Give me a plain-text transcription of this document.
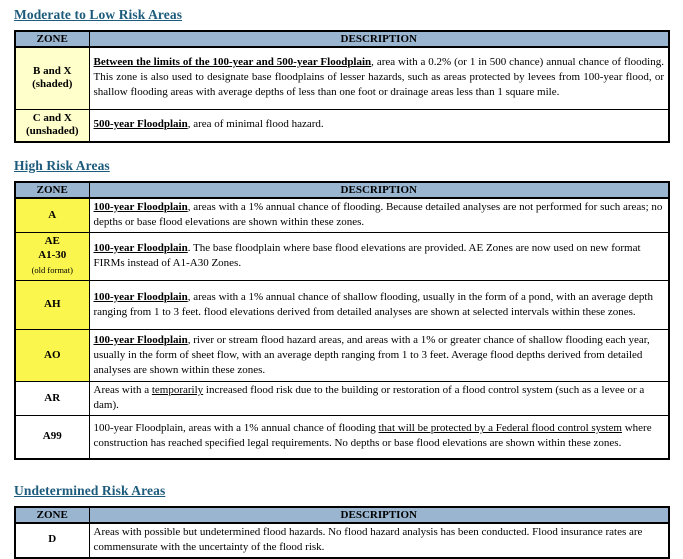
Moderate to Low Risk Areas
ZONE	DESCRIPTION

B and X
(shaded)	Between the limits of the 100-year and 500-year Floodplain, area with a 0.2% (or 1 in 500 chance) annual chance of flooding. This zone is also used to designate base floodplains of lesser hazards, such as areas protected by levees from 100-year flood, or shallow flooding areas with average depths of less than one foot or drainage areas less than 1 square mile.

C and X
(unshaded)	500-year Floodplain, area of minimal flood hazard.
High Risk Areas
ZONE	DESCRIPTION

A	100-year Floodplain, areas with a 1% annual chance of flooding. Because detailed analyses are not performed for such areas; no depths or base flood elevations are shown within these zones.

AE
A1-30
(old format)	100-year Floodplain. The base floodplain where base flood elevations are provided. AE Zones are now used on new format FIRMs instead of A1-A30 Zones.

AH	100-year Floodplain, areas with a 1% annual chance of shallow flooding, usually in the form of a pond, with an average depth ranging from 1 to 3 feet. flood elevations derived from detailed analyses are shown at selected intervals within these zones.

AO	100-year Floodplain, river or stream flood hazard areas, and areas with a 1% or greater chance of shallow flooding each year, usually in the form of sheet flow, with an average depth ranging from 1 to 3 feet. Average flood depths derived from detailed analyses are shown within these zones.

AR	Areas with a temporarily increased flood risk due to the building or restoration of a flood control system (such as a levee or a dam).

A99	100-year Floodplain, areas with a 1% annual chance of flooding that will be protected by a Federal flood control system where construction has reached specified legal requirements. No depths or base flood elevations are shown within these zones.
Undetermined Risk Areas
ZONE	DESCRIPTION

D	Areas with possible but undetermined flood hazards. No flood hazard analysis has been conducted. Flood insurance rates are commensurate with the uncertainty of the flood risk.
